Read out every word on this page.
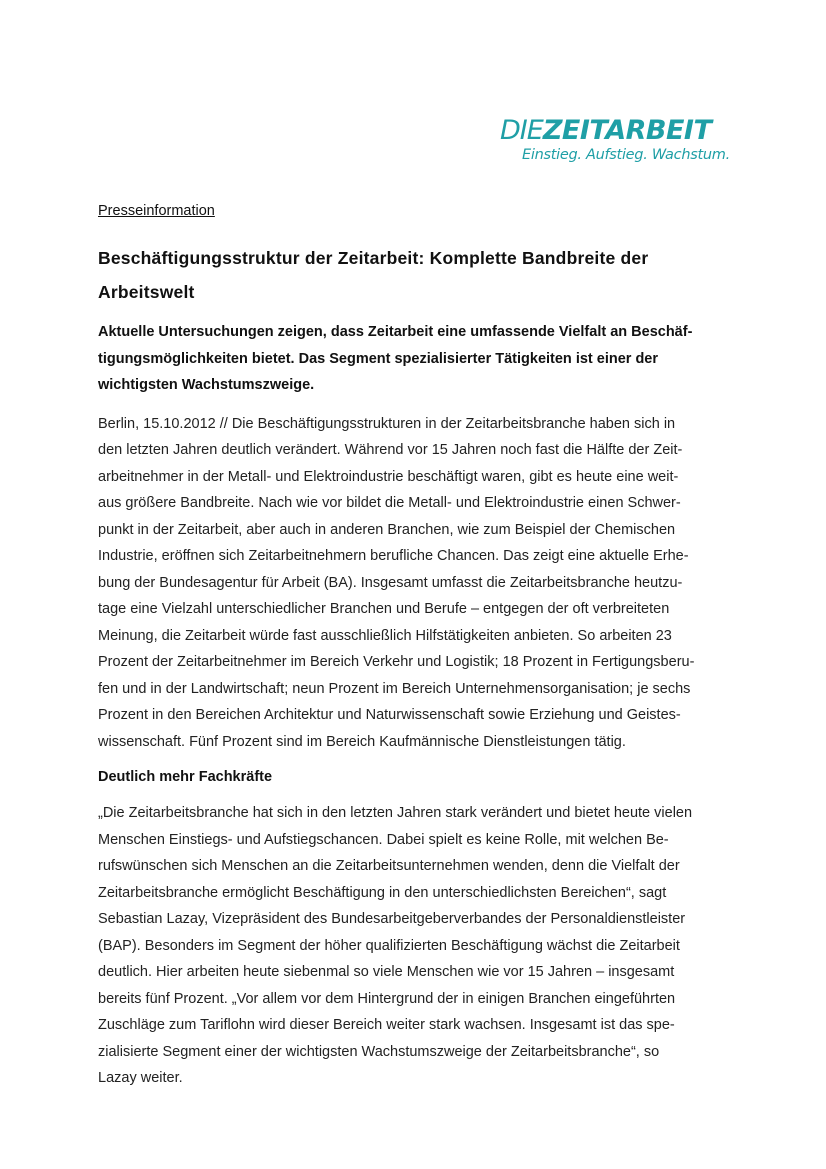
DIEZEITARBEIT
Einstieg. Aufstieg. Wachstum.

Presseinformation

Beschäftigungsstruktur der Zeitarbeit: Komplette Bandbreite der
Arbeitswelt
Aktuelle Untersuchungen zeigen, dass Zeitarbeit eine umfassende Vielfalt an Beschäf-
tigungsmöglichkeiten bietet. Das Segment spezialisierter Tätigkeiten ist einer der
wichtigsten Wachstumszweige.
Berlin, 15.10.2012 // Die Beschäftigungsstrukturen in der Zeitarbeitsbranche haben sich in
den letzten Jahren deutlich verändert. Während vor 15 Jahren noch fast die Hälfte der Zeit-
arbeitnehmer in der Metall- und Elektroindustrie beschäftigt waren, gibt es heute eine weit-
aus größere Bandbreite. Nach wie vor bildet die Metall- und Elektroindustrie einen Schwer-
punkt in der Zeitarbeit, aber auch in anderen Branchen, wie zum Beispiel der Chemischen
Industrie, eröffnen sich Zeitarbeitnehmern berufliche Chancen. Das zeigt eine aktuelle Erhe-
bung der Bundesagentur für Arbeit (BA). Insgesamt umfasst die Zeitarbeitsbranche heutzu-
tage eine Vielzahl unterschiedlicher Branchen und Berufe – entgegen der oft verbreiteten
Meinung, die Zeitarbeit würde fast ausschließlich Hilfstätigkeiten anbieten. So arbeiten 23
Prozent der Zeitarbeitnehmer im Bereich Verkehr und Logistik; 18 Prozent in Fertigungsberu-
fen und in der Landwirtschaft; neun Prozent im Bereich Unternehmensorganisation; je sechs
Prozent in den Bereichen Architektur und Naturwissenschaft sowie Erziehung und Geistes-
wissenschaft. Fünf Prozent sind im Bereich Kaufmännische Dienstleistungen tätig.
Deutlich mehr Fachkräfte
„Die Zeitarbeitsbranche hat sich in den letzten Jahren stark verändert und bietet heute vielen
Menschen Einstiegs- und Aufstiegschancen. Dabei spielt es keine Rolle, mit welchen Be-
rufswünschen sich Menschen an die Zeitarbeitsunternehmen wenden, denn die Vielfalt der
Zeitarbeitsbranche ermöglicht Beschäftigung in den unterschiedlichsten Bereichen“, sagt
Sebastian Lazay, Vizepräsident des Bundesarbeitgeberverbandes der Personaldienstleister
(BAP). Besonders im Segment der höher qualifizierten Beschäftigung wächst die Zeitarbeit
deutlich. Hier arbeiten heute siebenmal so viele Menschen wie vor 15 Jahren – insgesamt
bereits fünf Prozent. „Vor allem vor dem Hintergrund der in einigen Branchen eingeführten
Zuschläge zum Tariflohn wird dieser Bereich weiter stark wachsen. Insgesamt ist das spe-
zialisierte Segment einer der wichtigsten Wachstumszweige der Zeitarbeitsbranche“, so
Lazay weiter.
